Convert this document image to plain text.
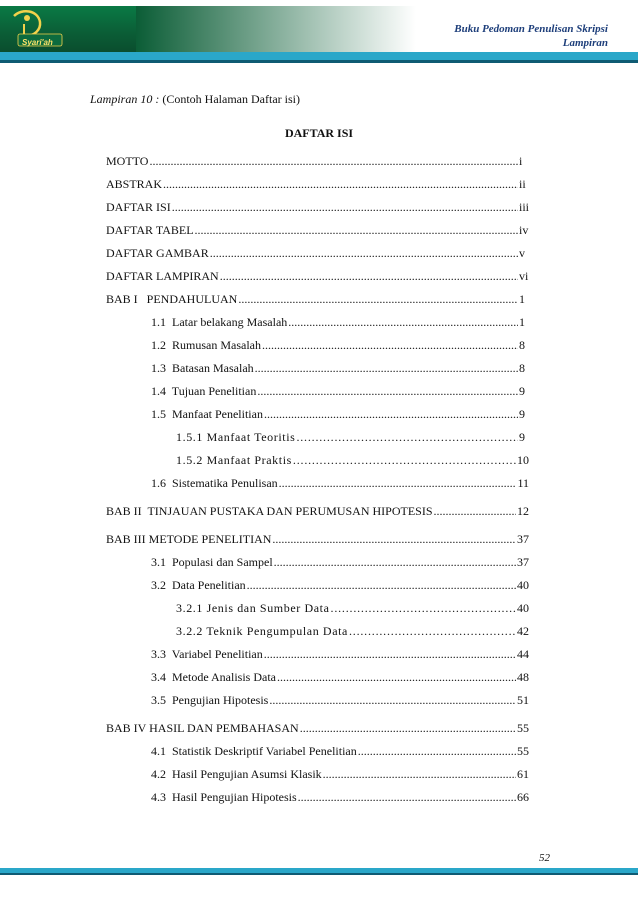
Syari'ah
Buku Pedoman Penulisan Skripsi
Lampiran
Lampiran 10 : (Contoh Halaman Daftar isi)
DAFTAR ISI
MOTTO .....	i
ABSTRAK .....	ii
DAFTAR ISI .....	iii
DAFTAR TABEL .....	iv
DAFTAR GAMBAR .....	v
DAFTAR LAMPIRAN .....	vi
BAB I   PENDAHULUAN .....	1
1.1  Latar belakang Masalah .....	1
1.2  Rumusan Masalah .....	8
1.3  Batasan Masalah .....	8
1.4  Tujuan Penelitian .....	9
1.5  Manfaat Penelitian .....	9
1.5.1 Manfaat Teoritis .....	9
1.5.2 Manfaat Praktis .....	10
1.6  Sistematika Penulisan .....	11
BAB II  TINJAUAN PUSTAKA DAN PERUMUSAN HIPOTESIS .....	12
BAB III METODE PENELITIAN .....	37
3.1  Populasi dan Sampel .....	37
3.2  Data Penelitian .....	40
3.2.1 Jenis dan Sumber Data .....	40
3.2.2 Teknik Pengumpulan Data .....	42
3.3  Variabel Penelitian .....	44
3.4  Metode Analisis Data .....	48
3.5  Pengujian Hipotesis .....	51
BAB IV HASIL DAN PEMBAHASAN .....	55
4.1  Statistik Deskriptif Variabel Penelitian .....	55
4.2  Hasil Pengujian Asumsi Klasik .....	61
4.3  Hasil Pengujian Hipotesis .....	66
52
